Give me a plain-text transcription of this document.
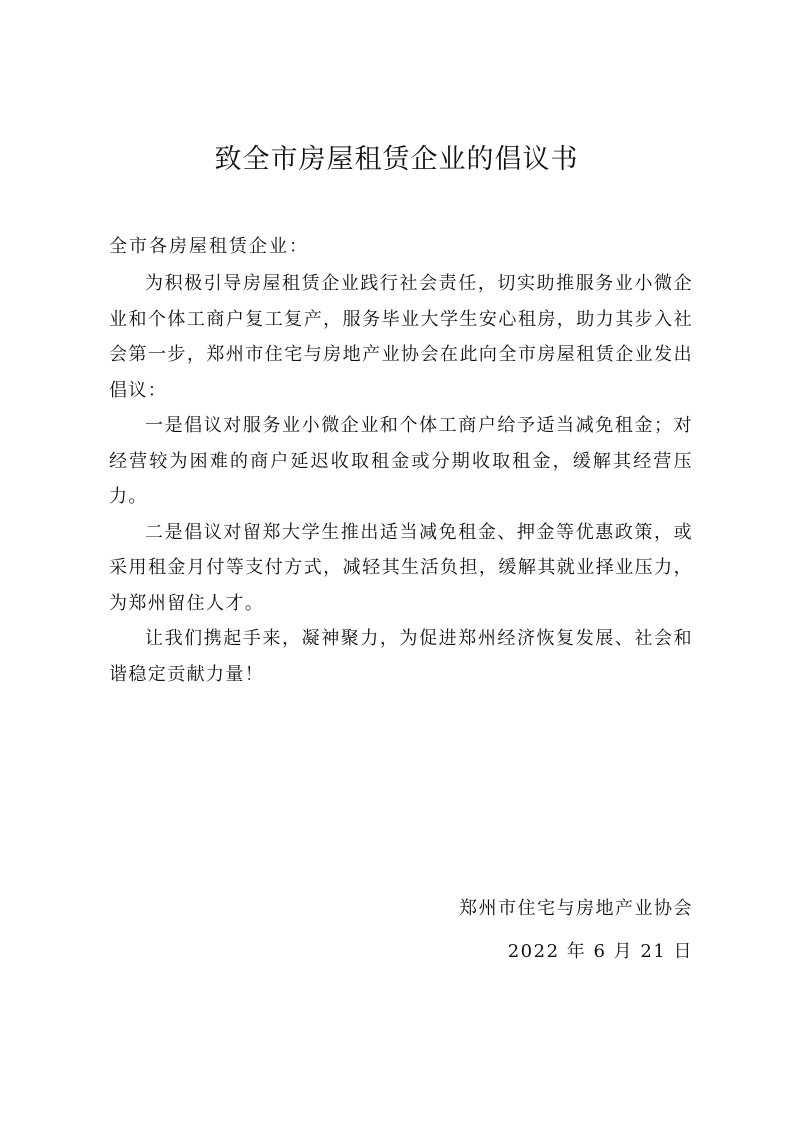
致全市房屋租赁企业的倡议书
全市各房屋租赁企业：

为积极引导房屋租赁企业践行社会责任，切实助推服务业小微企业和个体工商户复工复产，服务毕业大学生安心租房，助力其步入社会第一步，郑州市住宅与房地产业协会在此向全市房屋租赁企业发出倡议：

一是倡议对服务业小微企业和个体工商户给予适当减免租金；对经营较为困难的商户延迟收取租金或分期收取租金，缓解其经营压力。

二是倡议对留郑大学生推出适当减免租金、押金等优惠政策，或采用租金月付等支付方式，减轻其生活负担，缓解其就业择业压力，为郑州留住人才。

让我们携起手来，凝神聚力，为促进郑州经济恢复发展、社会和谐稳定贡献力量！

郑州市住宅与房地产业协会
2022 年 6 月 21 日
